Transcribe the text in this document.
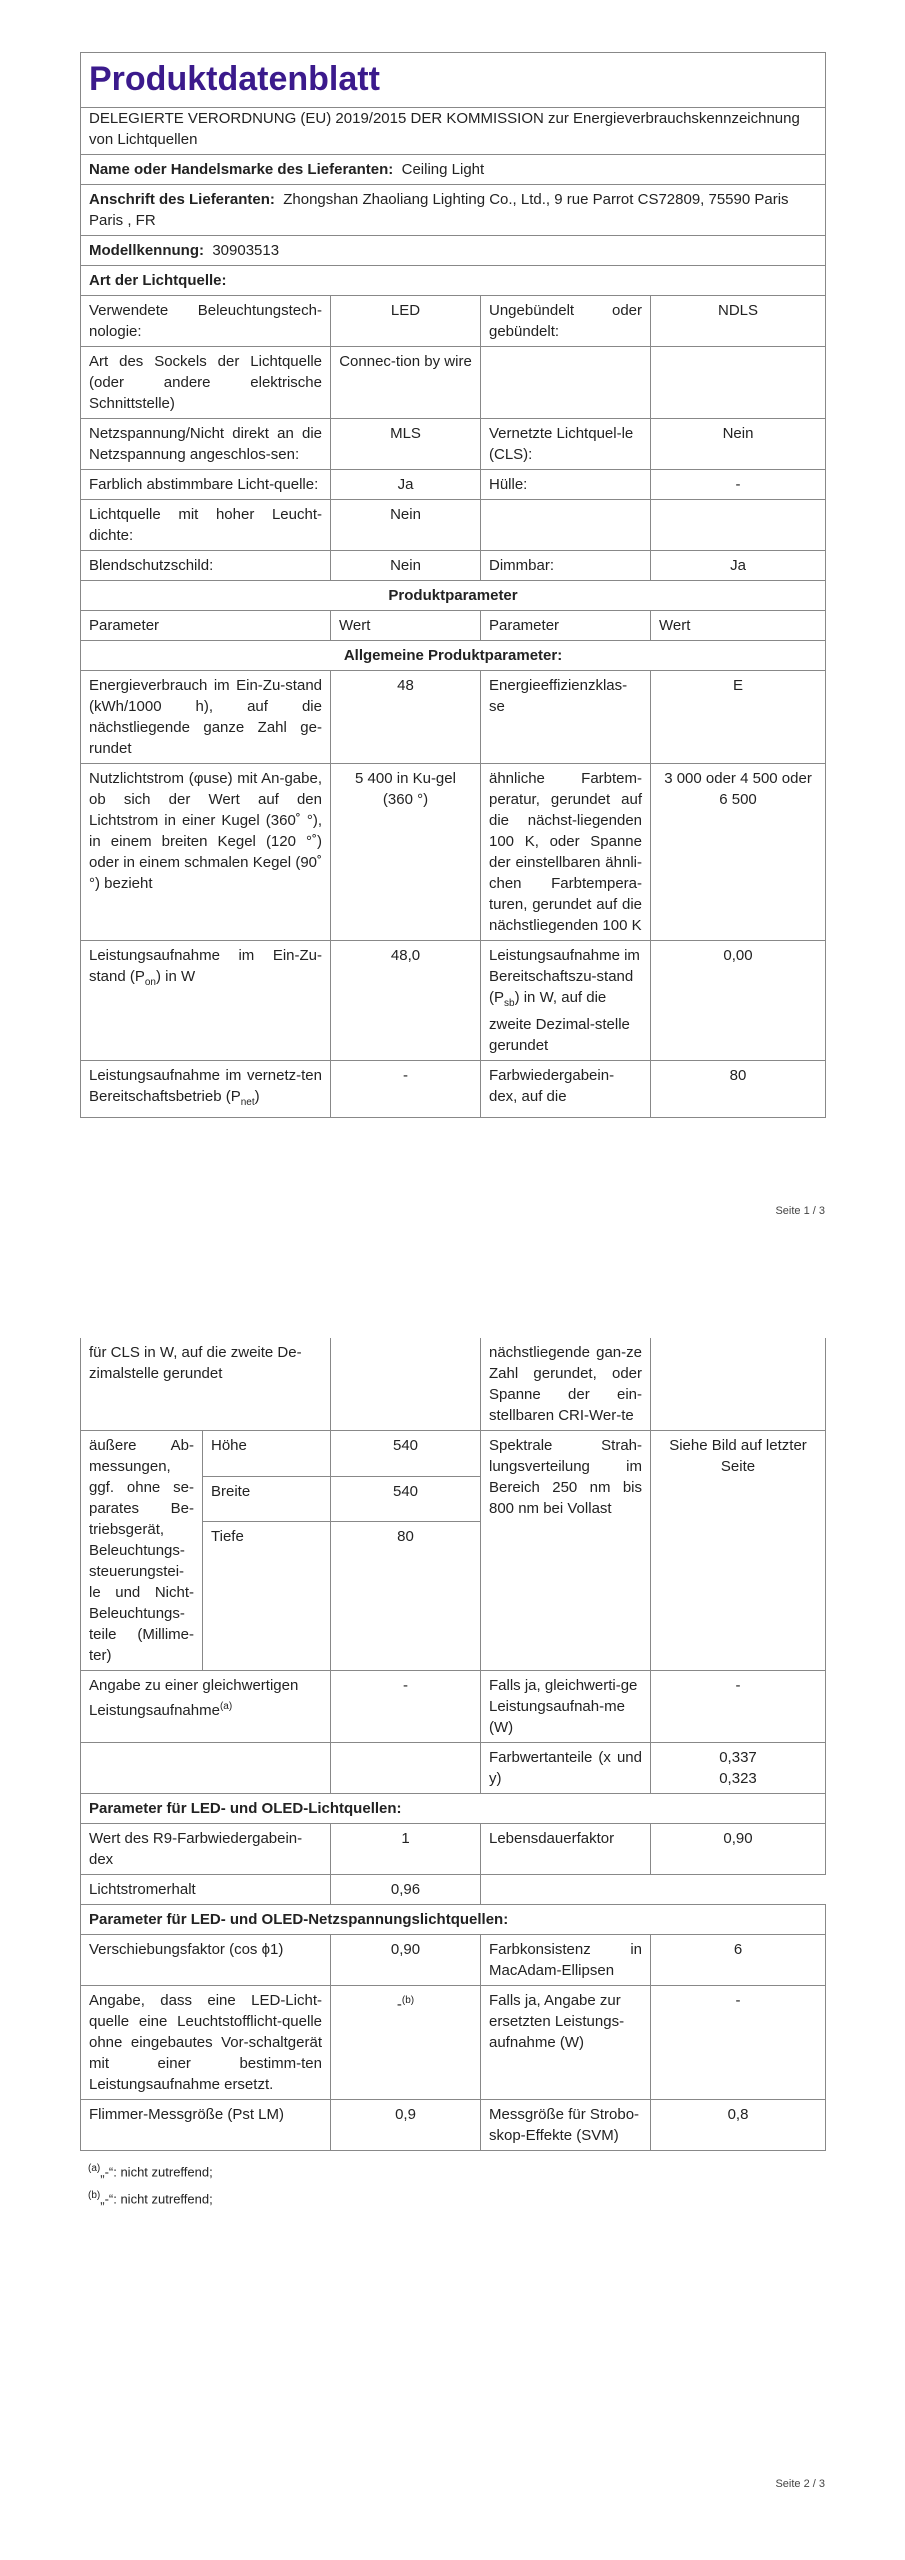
Produktdatenblatt			
DELEGIERTE VERORDNUNG (EU) 2019/2015 DER KOMMISSION zur Energieverbrauchskennzeichnung von Lichtquellen			
Name oder Handelsmarke des Lieferanten: Ceiling Light			
Anschrift des Lieferanten: Zhongshan Zhaoliang Lighting Co., Ltd., 9 rue Parrot CS72809, 75590 Paris Paris , FR			
Modellkennung: 30903513			
Art der Lichtquelle:			
Verwendete Beleuchtungstech-nologie:	LED	Ungebündelt oder gebündelt:	NDLS
Art des Sockels der Lichtquelle (oder andere elektrische Schnittstelle)	Connec-tion by wire		
Netzspannung/Nicht direkt an die Netzspannung angeschlos-sen:	MLS	Vernetzte Lichtquel-le (CLS):	Nein
Farblich abstimmbare Licht-quelle:	Ja	Hülle:	-
Lichtquelle mit hoher Leucht-dichte:	Nein		
Blendschutzschild:	Nein	Dimmbar:	Ja
Produktparameter			
Parameter	Wert	Parameter	Wert
Allgemeine Produktparameter:			
Energieverbrauch im Ein-Zu-stand (kWh/1000 h), auf die nächstliegende ganze Zahl ge-rundet	48	Energieeffizienzklas-se	E
Nutzlichtstrom (φuse) mit An-gabe, ob sich der Wert auf den Lichtstrom in einer Kugel (360˚ °), in einem breiten Kegel (120 °˚) oder in einem schmalen Kegel (90˚ °) bezieht	5 400 in Ku-gel (360 °)	ähnliche Farbtem-peratur, gerundet auf die nächst-liegenden 100 K, oder Spanne der einstellbaren ähnli-chen Farbtempera-turen, gerundet auf die nächstliegenden 100 K	3 000 oder 4 500 oder 6 500
Leistungsaufnahme im Ein-Zu-stand $(P_{on})$ in W	48,0	Leistungsaufnahme im Bereitschaftszu-stand $(P_{sb})$ in W, auf die zweite Dezimal-stelle gerundet	0,00
Leistungsaufnahme im vernetz-ten Bereitschaftsbetrieb $(P_{net})$	-	Farbwiedergabein-dex, auf die	80
Seite 1 / 3
für CLS in W, auf die zweite De-zimalstelle gerundet			nächstliegende gan-ze Zahl gerundet, oder Spanne der ein-stellbaren CRI-Wer-te	
äußere Ab-messungen, ggf. ohne se-parates Be-triebsgerät, Beleuchtungs-steuerungstei-le und Nicht-Beleuchtungs-teile (Millime-ter)	Höhe	540	Spektrale Strah-lungsverteilung im Bereich 250 nm bis 800 nm bei Vollast	Siehe Bild auf letzter Seite
	Breite	540		
	Tiefe	80		
Angabe zu einer gleichwertigen Leistungsaufnahme$^{(a)}$		-	Falls ja, gleichwerti-ge Leistungsaufnah-me (W)	-
			Farbwertanteile (x und y)	0,337
0,323

Parameter für LED- und OLED-Lichtquellen:				
Wert des R9-Farbwiedergabein-dex		1	Lebensdauerfaktor	0,90
Lichtstromerhalt		0,96		
Parameter für LED- und OLED-Netzspannungslichtquellen:				
Verschiebungsfaktor (cos ϕ1)		0,90	Farbkonsistenz in MacAdam-Ellipsen	6
Angabe, dass eine LED-Licht-quelle eine Leuchtstofflicht-quelle ohne eingebautes Vor-schaltgerät mit einer bestimm-ten Leistungsaufnahme ersetzt.		-$^{(b)}$	Falls ja, Angabe zur ersetzten Leistungs-aufnahme (W)	-
Flimmer-Messgröße (Pst LM)		0,9	Messgröße für Strobo-skop-Effekte (SVM)	0,8
$^{(a)}$„-“: nicht zutreffend;
$^{(b)}$„-“: nicht zutreffend;
Seite 2 / 3
